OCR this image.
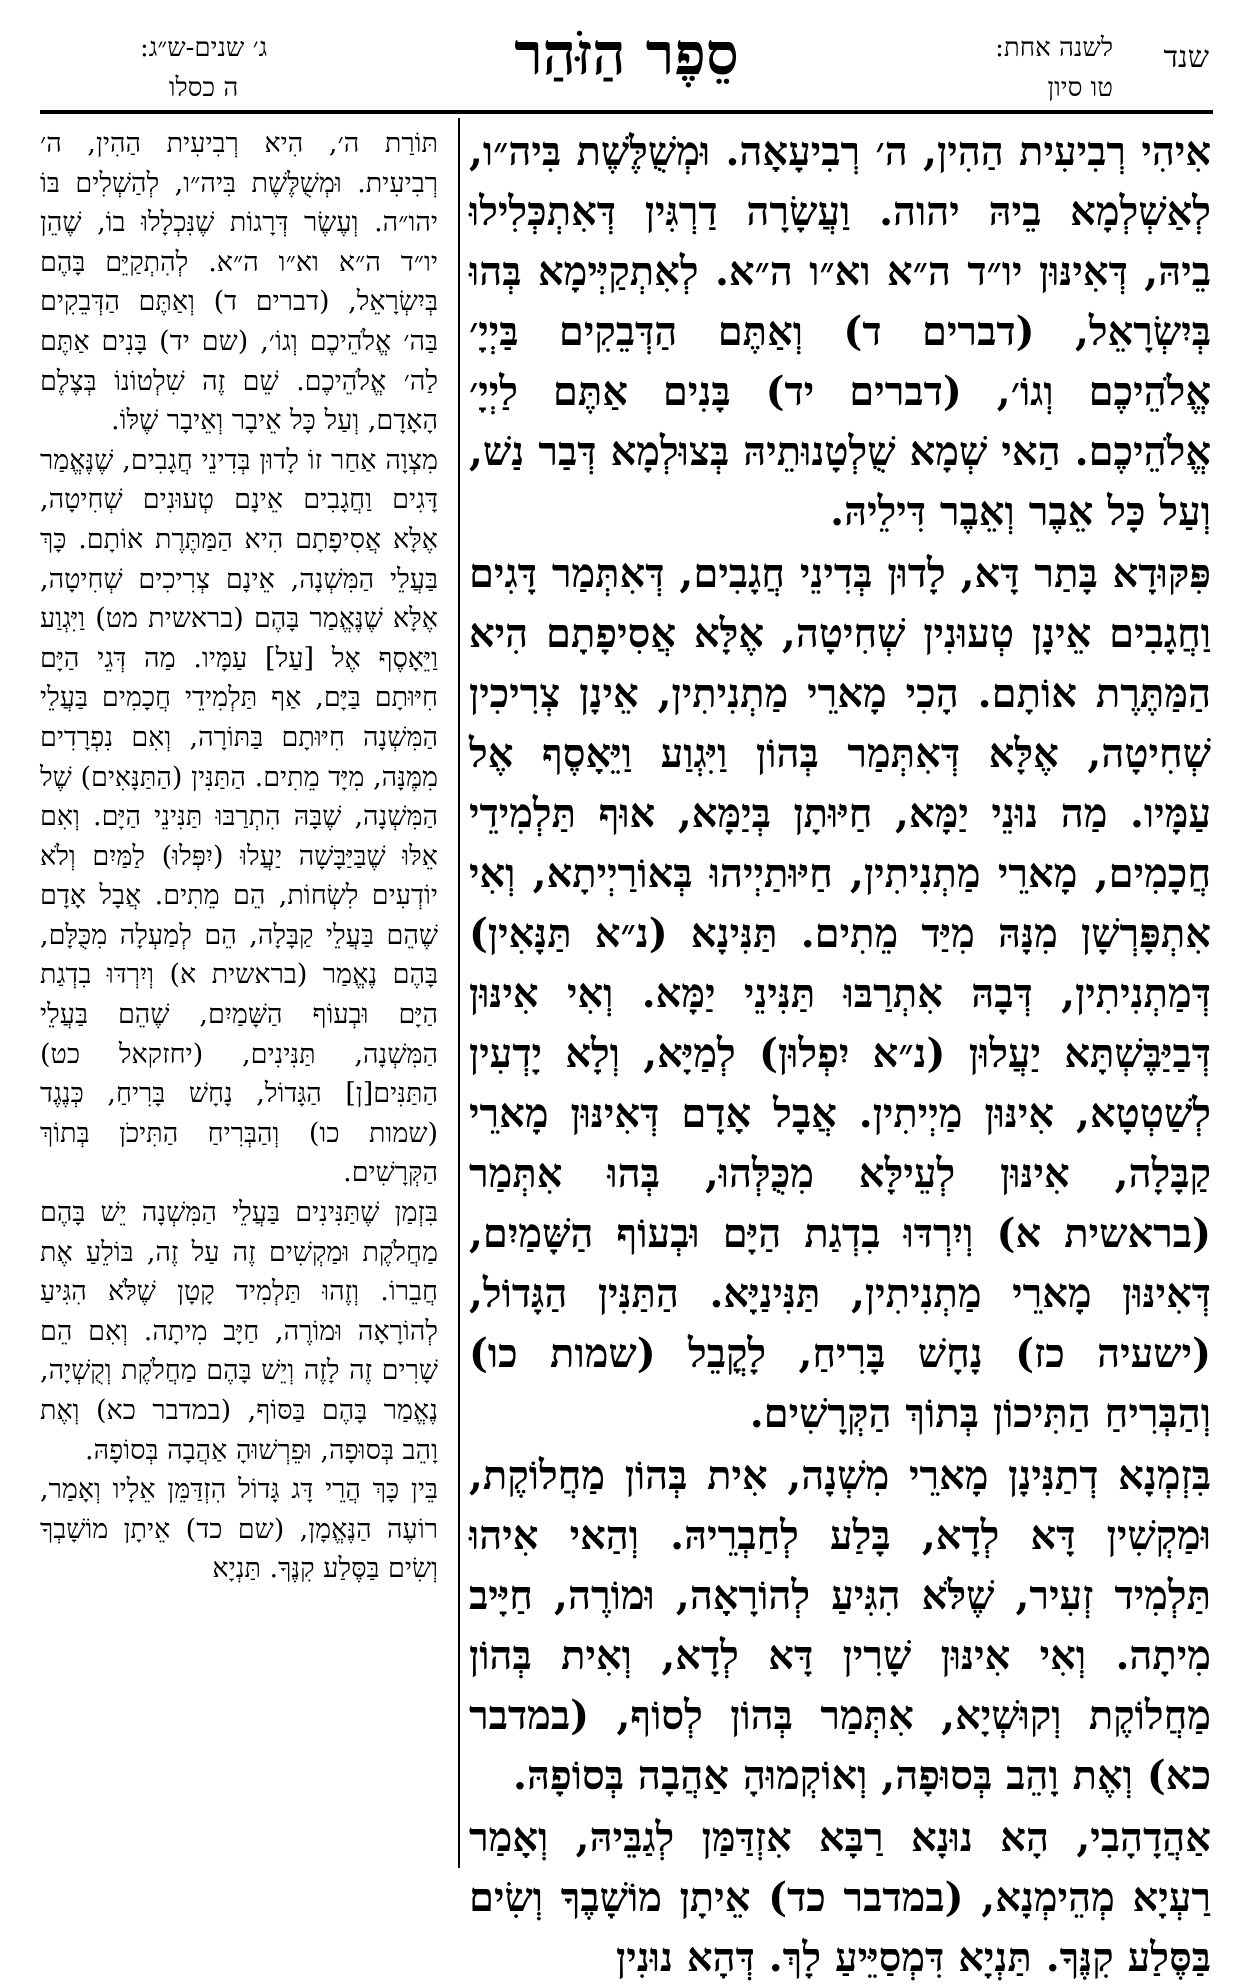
שנד
לשנה אחת:
טו סיון
סֵפֶר הַזֹּהַר
ג׳ שנים-ש״ג:
ה כסלו

אִיהִי רְבִיעִית הַהִין, ה׳ רְבִיעָאָה. וּמְשֻׁלֶּשֶׁת בִּיה״ו, לְאַשְׁלְמָא בֵיהּ יהוה. וַעֲשָׂרָה דַרְגִּין דְּאִתְכְּלִילוּ בֵיהּ, דְּאִינּוּן יו״ד ה״א וא״ו ה״א. לְאִתְקַיְּימָא בְּהוּ בְּיִשְׂרָאֵל, (דברים ד) וְאַתֶּם הַדְּבֵקִים בַּיְיָ׳ אֱלֹהֵיכֶם וְגוֹ׳, (דברים יד) בָּנִים אַתֶּם לַיְיָ׳ אֱלֹהֵיכֶם. הַאי שְׁמָא שֻׁלְטָנוּתֵיהּ בְּצוּלְמָא דְּבַר נַשׁ, וְעַל כָּל אֵבֶר וְאֵבֶר דִּילֵיהּ.

פִּקּוּדָא בָּתַר דָּא, לָדוּן בְּדִינֵי חֲגָבִים, דְּאִתְּמַר דָּגִים וַחֲגָבִים אֵינָן טְעוּנִין שְׁחִיטָה, אֶלָּא אֲסִיפָתָם הִיא הַמַּתֶּרֶת אוֹתָם. הָכִי מָארֵי מַתְנִיתִין, אֵינָן צְרִיכִין שְׁחִיטָה, אֶלָּא דְּאִתְּמַר בְּהוֹן וַיִּגְוַע וַיֵּאָסֶף אֶל עַמָּיו. מַה נוּנֵי יַמָּא, חַיּוּתָן בְּיַמָּא, אוּף תַּלְמִידֵי חֲכָמִים, מָארֵי מַתְנִיתִין, חַיּוּתַיְיהוּ בְּאוֹרַיְיתָא, וְאִי אִתְפָּרְשָׁן מִנָּהּ מִיַּד מֵתִים. תַּנִּינָא (נ״א תַּנָּאִין) דְּמַתְנִיתִין, דְּבָהּ אִתְרַבּוּ תַּנִּינֵי יַמָּא. וְאִי אִינּוּן דְּבַיַּבֶּשְׁתָּא יַעֲלוּן (נ״א יִפְלוּן) לְמַיָּא, וְלָא יָדְעִין לְשַׁטְטָא, אִינּוּן מַיְיתִין. אֲבָל אָדָם דְּאִינּוּן מָארֵי קַבָּלָה, אִינּוּן לְעֵילָּא מִכֻּלְּהוּ, בְּהוּ אִתְּמַר (בראשית א) וְיִרְדּוּ בִדְגַת הַיָּם וּבְעוֹף הַשָּׁמַיִם, דְּאִינּוּן מָארֵי מַתְנִיתִין, תַּנִּינַיָּא. הַתַּנִּין הַגָּדוֹל, (ישעיה כז) נָחָשׁ בָּרִיחַ, לָקֳבֵל (שמות כו) וְהַבְּרִיחַ הַתִּיכוֹן בְּתוֹךְ הַקְּרָשִׁים.

בִּזְמְנָא דְתַנִּינָן מָארֵי מִשְׁנָה, אִית בְּהוֹן מַחֲלוֹקֶת, וּמַקְשִׁין דָּא לְדָא, בָּלַע לְחַבְרֵיהּ. וְהַאי אִיהוּ תַּלְמִיד זְעִיר, שֶׁלֹּא הִגִּיעַ לְהוֹרָאָה, וּמוֹרֶה, חַיָּיב מִיתָה. וְאִי אִינּוּן שָׁרִין דָּא לְדָא, וְאִית בְּהוֹן מַחֲלוֹקֶת וְקוּשְׁיָא, אִתְּמַר בְּהוֹן לְסוֹף, (במדבר כא) וְאֶת וָהֵב בְּסוּפָה, וְאוֹקְמוּהָ אַהֲבָה בְּסוֹפָהּ.

אַהֲדָהָבִי, הָא נוּנָא רַבָּא אִזְדַּמַּן לְגַבֵּיהּ, וְאָמַר רַעְיָא מְהֵימְנָא, (במדבר כד) אֵיתָן מוֹשָׁבֶךָ וְשִׂים בַּסֶּלַע קִנֶּךָ. תַּנְיָא דִּמְסַיֵּיעַ לָךְ. דְּהָא נוּנִין

תּוֹרַת ה׳, הִיא רְבִיעִית הַהִין, ה׳ רְבִיעִית. וּמְשֻׁלֶּשֶׁת בִּיה״ו, לְהַשְׁלִים בּוֹ יהו״ה. וְעֶשֶׂר דְּרָגוֹת שֶׁנִּכְלָלוּ בוֹ, שֶׁהֵן יו״ד ה״א וא״ו ה״א. לְהִתְקַיֵּם בָּהֶם בְּיִשְׂרָאֵל, (דברים ד) וְאַתֶּם הַדְּבֵקִים בַּה׳ אֱלֹהֵיכֶם וְגוֹ׳, (שם יד) בָּנִים אַתֶּם לַה׳ אֱלֹהֵיכֶם. שֵׁם זֶה שִׁלְטוֹנוֹ בְּצֶלֶם הָאָדָם, וְעַל כָּל אֵיבָר וְאֵיבָר שֶׁלּוֹ.

מִצְוָה אַחַר זוֹ לָדוּן בְּדִינֵי חֲגָבִים, שֶׁנֶּאֱמַר דָּגִים וַחֲגָבִים אֵינָם טְעוּנִים שְׁחִיטָה, אֶלָּא אֲסִיפָתָם הִיא הַמַּתֶּרֶת אוֹתָם. כָּךְ בַּעֲלֵי הַמִּשְׁנָה, אֵינָם צְרִיכִים שְׁחִיטָה, אֶלָּא שֶׁנֶּאֱמַר בָּהֶם (בראשית מט) וַיִּגְוַע וַיֵּאָסֶף אֶל [עַל] עַמָּיו. מַה דְּגֵי הַיָּם חִיּוּתָם בַּיָּם, אַף תַּלְמִידֵי חֲכָמִים בַּעֲלֵי הַמִּשְׁנָה חִיּוּתָם בַּתּוֹרָה, וְאִם נִפְרָדִים מִמֶּנָּה, מִיָּד מֵתִים. הַתַּנִּין (הַתַּנָּאִים) שֶׁל הַמִּשְׁנָה, שֶׁבָּהּ הִתְרַבּוּ תַּנִּינֵי הַיָּם. וְאִם אֵלּוּ שֶׁבַּיַּבָּשָׁה יַעֲלוּ (יִפְּלוּ) לַמַּיִם וְלֹא יוֹדְעִים לִשְׂחוֹת, הֵם מֵתִים. אֲבָל אָדָם שֶׁהֵם בַּעֲלֵי קַבָּלָה, הֵם לְמַעְלָה מִכֻּלָּם, בָּהֶם נֶאֱמַר (בראשית א) וְיִרְדּוּ בִדְגַת הַיָּם וּבְעוֹף הַשָּׁמַיִם, שֶׁהֵם בַּעֲלֵי הַמִּשְׁנָה, תַּנִּינִים, (יחזקאל כט) הַתַּנִּים[ן] הַגָּדוֹל, נָחָשׁ בָּרִיחַ, כְּנֶגֶד (שמות כו) וְהַבְּרִיחַ הַתִּיכֹן בְּתוֹךְ הַקְּרָשִׁים.

בִּזְמַן שֶׁתַּנִּינִים בַּעֲלֵי הַמִּשְׁנָה יֵשׁ בָּהֶם מַחֲלֹקֶת וּמַקְשִׁים זֶה עַל זֶה, בּוֹלֵעַ אֶת חֲבֵרוֹ. וְזֶהוּ תַּלְמִיד קָטָן שֶׁלֹּא הִגִּיעַ לְהוֹרָאָה וּמוֹרֶה, חַיָּב מִיתָה. וְאִם הֵם שָׁרִים זֶה לָזֶה וְיֵשׁ בָּהֶם מַחֲלֹקֶת וְקֻשְׁיָה, נֶאֱמַר בָּהֶם בַּסּוֹף, (במדבר כא) וְאֶת וָהֵב בְּסוּפָה, וּפֵרְשׁוּהָ אַהֲבָה בְּסוֹפָהּ.

בֵּין כָּךְ הֲרֵי דָּג גָּדוֹל הִזְדַּמֵּן אֵלָיו וְאָמַר, רוֹעֶה הַנֶּאֱמָן, (שם כד) אֵיתָן מוֹשָׁבְךָ וְשִׂים בַּסֶּלַע קִנֶּךָ. תַּנְיָא
